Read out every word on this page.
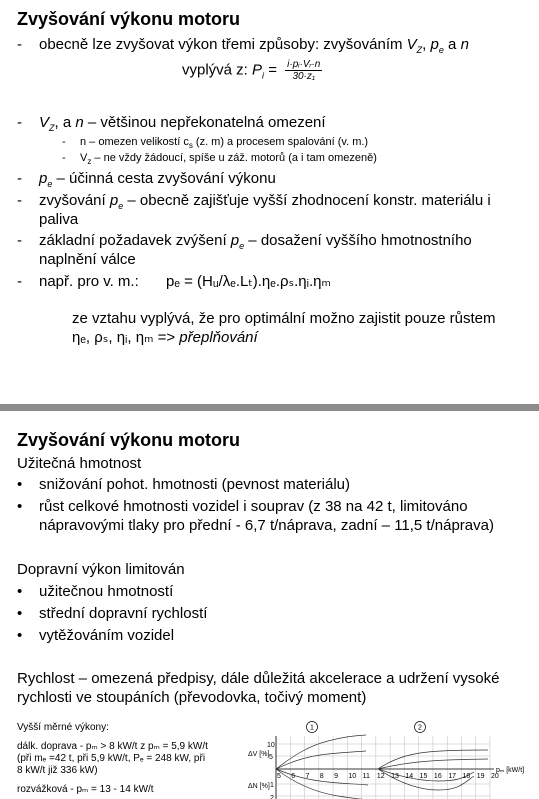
Zvyšování výkonu motoru
-	obecně lze zvyšovat výkon třemi způsoby: zvyšováním $V_Z$, $p_e$ a n
vyplývá z: $P_i = \frac{\text{i·pᵢ·Vᵣ·n}}{\text{30·z₁}}$
-	$V_Z$, a n – většinou nepřekonatelná omezení
- n – omezen velikostí $c_s$ (z. m) a procesem spalování (v. m.)
- $V_z$ – ne vždy žádoucí, spíše u záž. motorů (a i tam omezeně)
-	$p_e$ – účinná cesta zvyšování výkonu
-	zvyšování $p_e$ – obecně zajišťuje vyšší zhodnocení konstr. materiálu i
paliva
-	základní požadavek zvýšení $p_e$ – dosažení vyššího hmotnostního
naplnění válce
-	např. pro v. m.: pₑ = (Hᵤ/λₑ.Lₜ).ηₑ.ρₛ.ηᵢ.ηₘ
ze vztahu vyplývá, že pro optimální možno zajistit pouze růstem
ηₑ, ρₛ, ηᵢ, ηₘ => přeplňování
Zvyšování výkonu motoru
Užitečná hmotnost
• snižování pohot. hmotnosti (pevnost materiálu)
• růst celkové hmotnosti vozidel i souprav (z 38 na 42 t, limitováno
nápravovými tlaky pro přední - 6,7 t/náprava, zadní – 11,5 t/náprava)
Dopravní výkon limitován
• užitečnou hmotností
• střední dopravní rychlostí
• vytěžováním vozidel
Rychlost – omezená předpisy, dále důležitá akcelerace a udržení vysoké
rychlosti ve stoupáních (převodovka, točivý moment)
Vyšší měrné výkony:
dálk. doprava - pₘ > 8 kW/t z pₘ = 5,9 kW/t
(při mₑ =42 t, při 5,9 kW/t, Pₑ = 248 kW, při
8 kW/t již 336 kW)
rozvážková - pₘ = 13 - 14 kW/t
5 6 7 8 9 10 11 12 13 14 15 16 17 18 19 20
pₘ [kW/t]
ΔV [%]
ΔN [%]
10
5
1
2
1	2
